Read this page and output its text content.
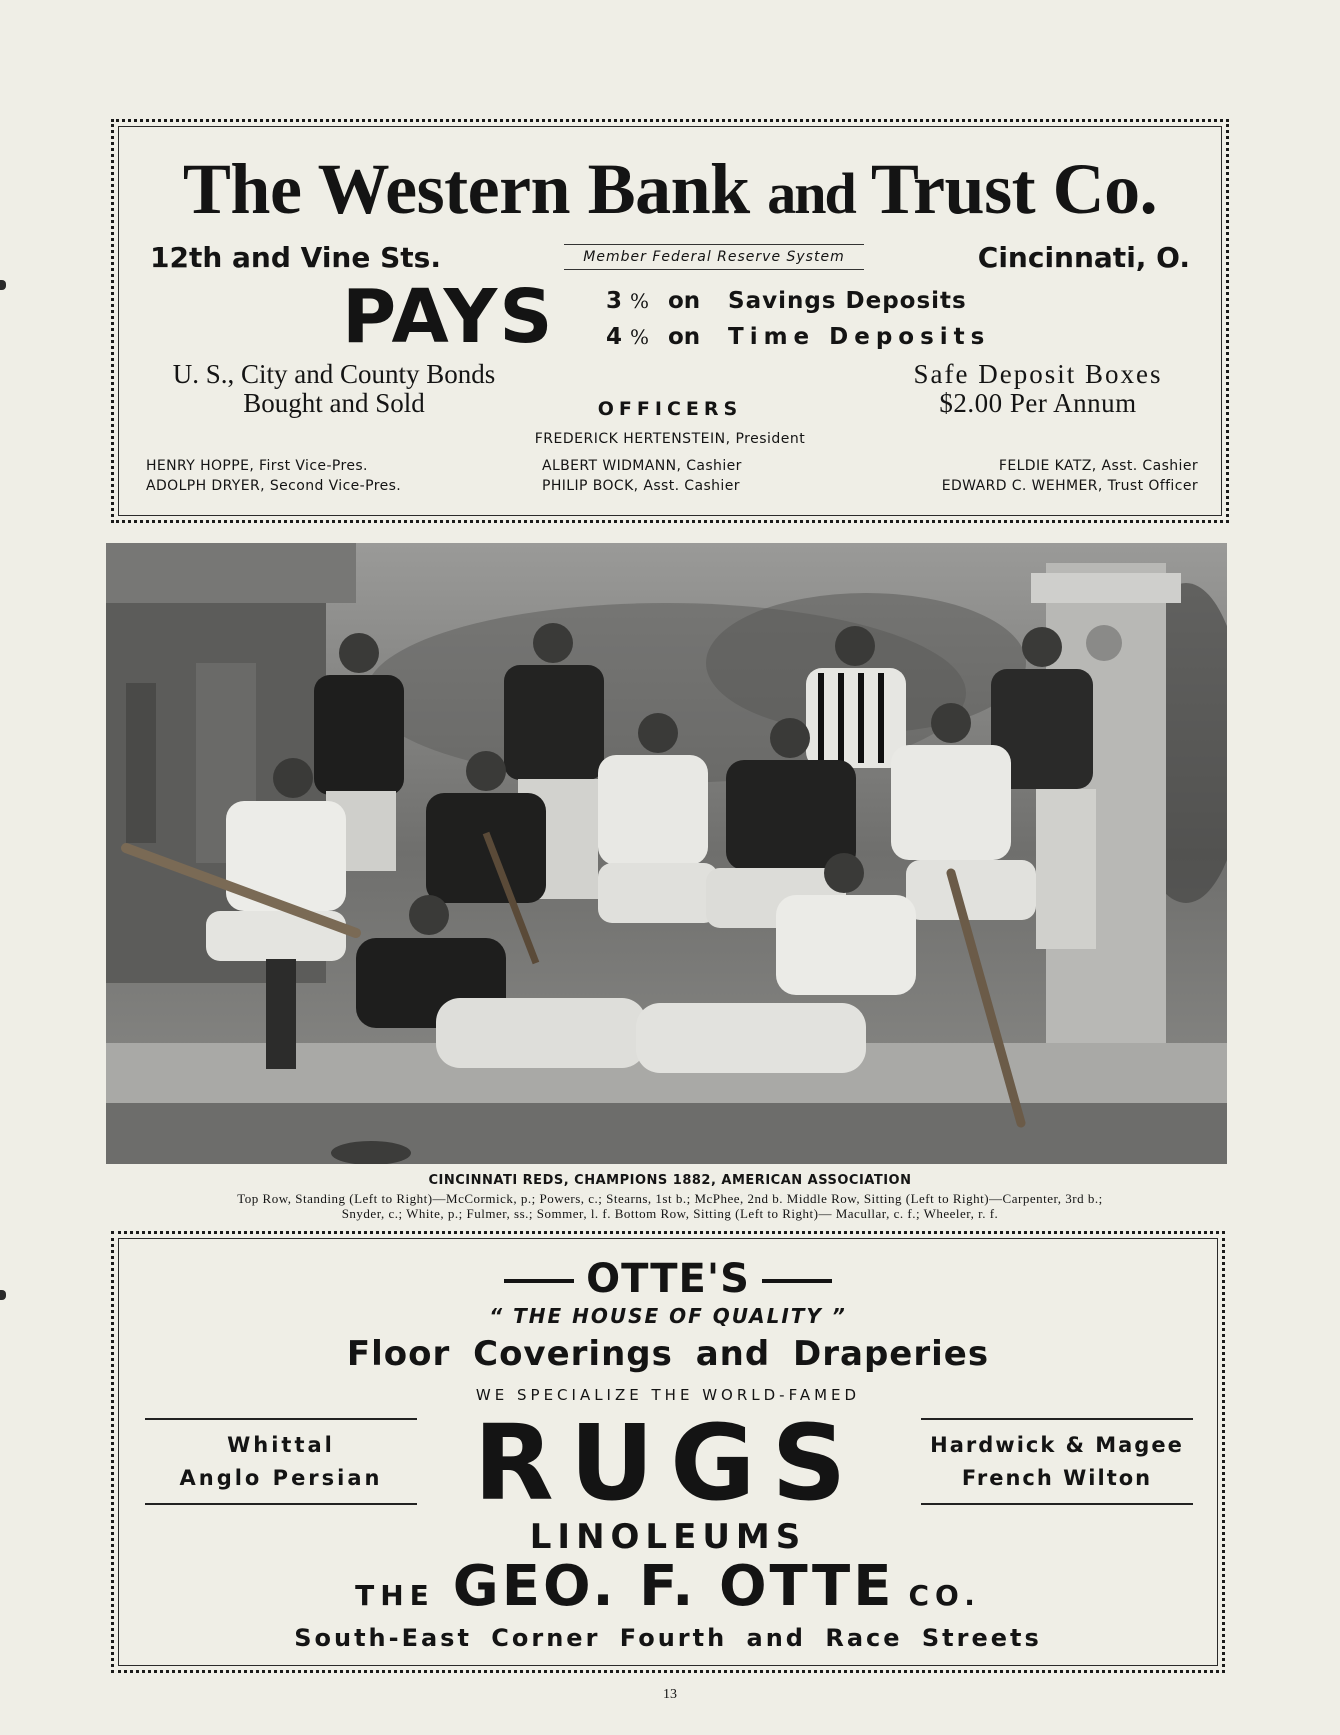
The Western Bank and Trust Co.
12th and Vine Sts.	Member Federal Reserve System	Cincinnati, O.
PAYS 3 % on Savings Deposits
4 % on Time Deposits
U. S., City and County Bonds
Bought and Sold
Safe Deposit Boxes
$2.00 Per Annum
OFFICERS
FREDERICK HERTENSTEIN, President
HENRY HOPPE, First Vice-Pres.
ADOLPH DRYER, Second Vice-Pres.
ALBERT WIDMANN, Cashier
PHILIP BOCK, Asst. Cashier
FELDIE KATZ, Asst. Cashier
EDWARD C. WEHMER, Trust Officer
CINCINNATI REDS, CHAMPIONS 1882, AMERICAN ASSOCIATION
Top Row, Standing (Left to Right)—McCormick, p.; Powers, c.; Stearns, 1st b.; McPhee, 2nd b. Middle Row, Sitting (Left to Right)—Carpenter, 3rd b.;
Snyder, c.; White, p.; Fulmer, ss.; Sommer, l. f. Bottom Row, Sitting (Left to Right)— Macullar, c. f.; Wheeler, r. f.
OTTE'S
“ THE HOUSE OF QUALITY ”
Floor Coverings and Draperies
WE SPECIALIZE THE WORLD-FAMED
Whittal
Anglo Persian RUGS	Hardwick & Magee
French Wilton
LINOLEUMS
THE GEO. F. OTTE CO.
South-East Corner Fourth and Race Streets
13
